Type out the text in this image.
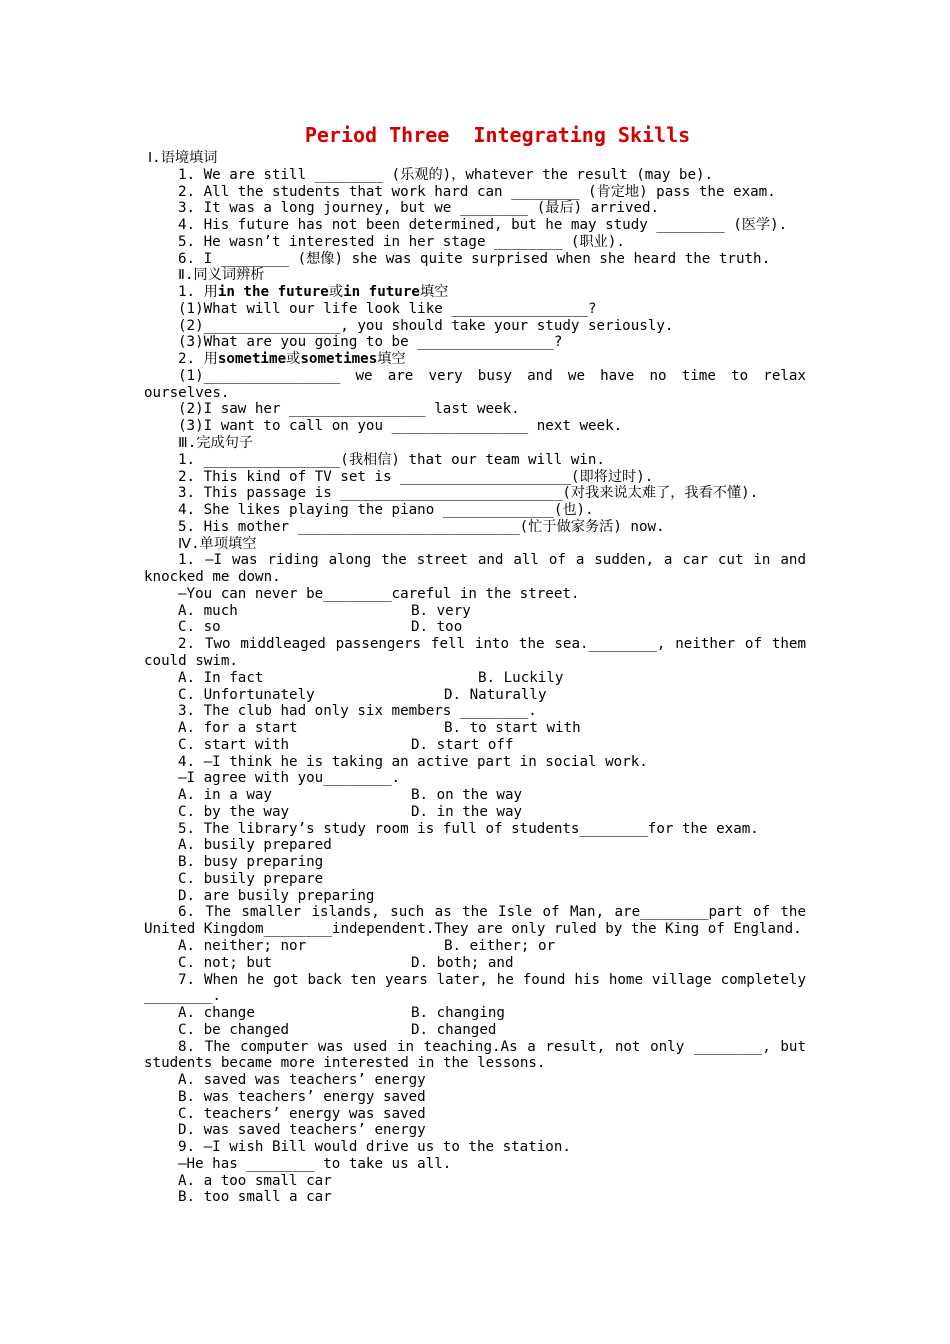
Period Three  Integrating Skills
Ⅰ.语境填词
1. We are still ________ (乐观的)，whatever the result (may be).
2. All the students that work hard can ________ (肯定地) pass the exam.
3. It was a long journey, but we ________ (最后) arrived.
4. His future has not been determined, but he may study ________ (医学).
5. He wasn’t interested in her stage ________ (职业).
6. I ________ (想像) she was quite surprised when she heard the truth.
Ⅱ.同义词辨析
1. 用in the future或in future填空
(1)What will our life look like ________________?
(2)________________, you should take your study seriously.
(3)What are you going to be ________________?
2. 用sometime或sometimes填空
(1)________________ we are very busy and we have no time to relax
ourselves.
(2)I saw her ________________ last week.
(3)I want to call on you ________________ next week.
Ⅲ.完成句子
1. ________________(我相信) that our team will win.
2. This kind of TV set is ____________________(即将过时).
3. This passage is __________________________(对我来说太难了，我看不懂).
4. She likes playing the piano _____________(也).
5. His mother __________________________(忙于做家务活) now.
Ⅳ.单项填空
1. —I was riding along the street and all of a sudden, a car cut in and
knocked me down.
—You can never be________careful in the street.
A. much	B. very
C. so	D. too
2. Two middleaged passengers fell into the sea.________, neither of them
could swim.
A. In fact	B. Luckily
C. Unfortunately	D. Naturally
3. The club had only six members ________.
A. for a start	B. to start with
C. start with	D. start off
4. —I think he is taking an active part in social work.
—I agree with you________.
A. in a way	B. on the way
C. by the way	D. in the way
5. The library’s study room is full of students________for the exam.
A. busily prepared
B. busy preparing
C. busily prepare
D. are busily preparing
6. The smaller islands, such as the Isle of Man, are________part of the
United Kingdom________independent.They are only ruled by the King of England.
A. neither; nor	B. either; or
C. not; but	D. both; and
7. When he got back ten years later, he found his home village completely
________.
A. change	B. changing
C. be changed	D. changed
8. The computer was used in teaching.As a result, not only ________, but
students became more interested in the lessons.
A. saved was teachers’ energy
B. was teachers’ energy saved
C. teachers’ energy was saved
D. was saved teachers’ energy
9. —I wish Bill would drive us to the station.
—He has ________ to take us all.
A. a too small car
B. too small a car
